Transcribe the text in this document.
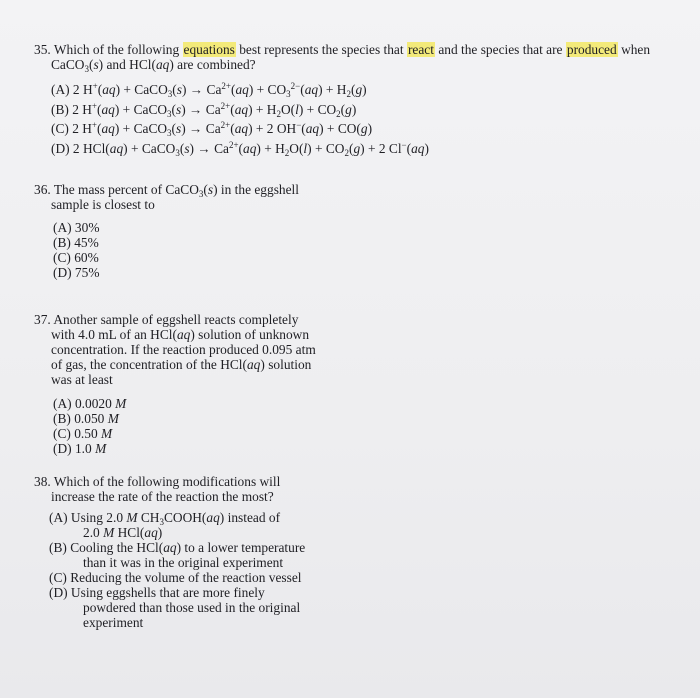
35. Which of the following equations best represents the species that react and the species that are produced when

CaCO$_3$(s) and HCl(aq) are combined?

(A) 2 H+(aq) + CaCO$_3$(s) → $Ca^{2+}(aq) + CO_3^{2-}(aq) + H_2(g)$
(B) 2 H+(aq) + CaCO$_3$(s) → $Ca^{2+}(aq) + H_2O(l) + CO_2(g)$
(C) 2 H+(aq) + CaCO$_3$(s) → $Ca^{2+}(aq) + 2$ OH−(aq) + CO(g)
(D) 2 HCl(aq) + CaCO$_3$(s) → $Ca^{2+}(aq) + H_2O(l) + CO_2(g) + 2$ Cl−(aq)

36. The mass percent of CaCO$_3$(s) in the eggshell

sample is closest to

(A) 30%
(B) 45%
(C) 60%
(D) 75%

37. Another sample of eggshell reacts completely

with 4.0 mL of an HCl(aq) solution of unknown

concentration. If the reaction produced 0.095 atm

of gas, the concentration of the HCl(aq) solution

was at least

(A) 0.0020 M
(B) 0.050 M
(C) 0.50 M
(D) 1.0 M

38. Which of the following modifications will

increase the rate of the reaction the most?

(A) Using 2.0 M $CH_3COOH(aq)$ instead of
2.0 M HCl(aq)
(B) Cooling the HCl(aq) to a lower temperature
than it was in the original experiment
(C) Reducing the volume of the reaction vessel
(D) Using eggshells that are more finely
powdered than those used in the original
experiment
